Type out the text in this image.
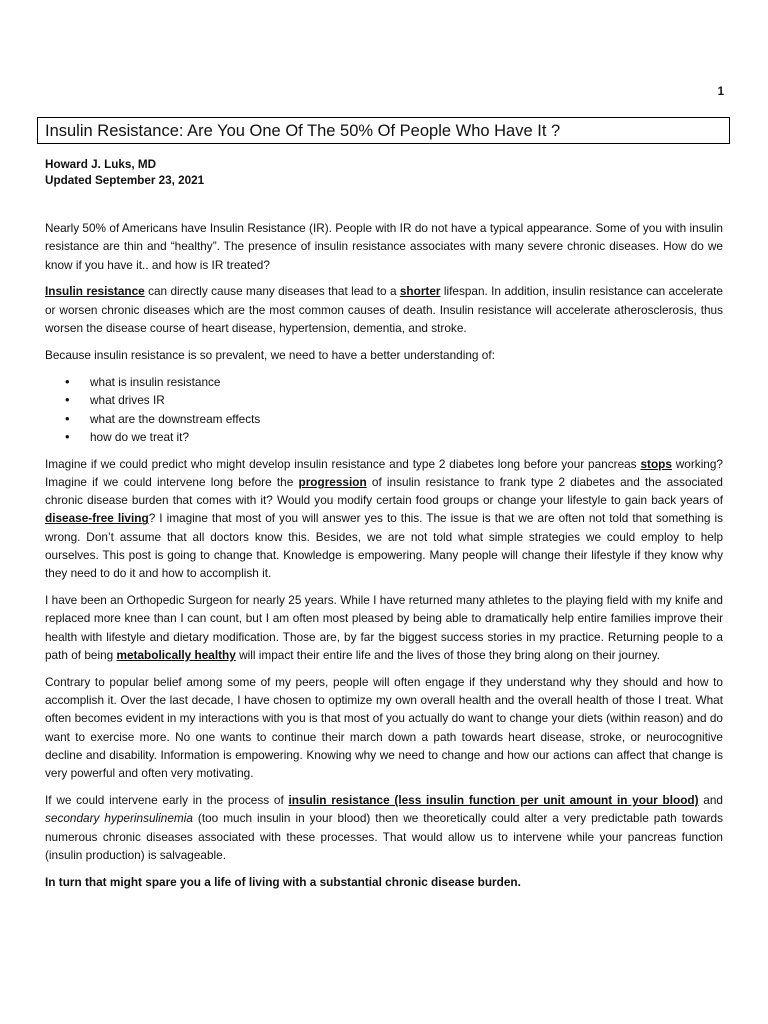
1
Insulin Resistance: Are You One Of The 50% Of People Who Have It ?
Howard J. Luks, MD
Updated September 23, 2021

Nearly 50% of Americans have Insulin Resistance (IR). People with IR do not have a typical appearance. Some of you with insulin resistance are thin and “healthy”. The presence of insulin resistance associates with many severe chronic diseases. How do we know if you have it.. and how is IR treated?

Insulin resistance can directly cause many diseases that lead to a shorter lifespan. In addition, insulin resistance can accelerate or worsen chronic diseases which are the most common causes of death. Insulin resistance will accelerate atherosclerosis, thus worsen the disease course of heart disease, hypertension, dementia, and stroke.

Because insulin resistance is so prevalent, we need to have a better understanding of:

• what is insulin resistance
• what drives IR
• what are the downstream effects
• how do we treat it?

Imagine if we could predict who might develop insulin resistance and type 2 diabetes long before your pancreas stops working? Imagine if we could intervene long before the progression of insulin resistance to frank type 2 diabetes and the associated chronic disease burden that comes with it? Would you modify certain food groups or change your lifestyle to gain back years of disease-free living? I imagine that most of you will answer yes to this. The issue is that we are often not told that something is wrong. Don’t assume that all doctors know this. Besides, we are not told what simple strategies we could employ to help ourselves. This post is going to change that. Knowledge is empowering. Many people will change their lifestyle if they know why they need to do it and how to accomplish it.

I have been an Orthopedic Surgeon for nearly 25 years. While I have returned many athletes to the playing field with my knife and replaced more knee than I can count, but I am often most pleased by being able to dramatically help entire families improve their health with lifestyle and dietary modification. Those are, by far the biggest success stories in my practice. Returning people to a path of being metabolically healthy will impact their entire life and the lives of those they bring along on their journey.

Contrary to popular belief among some of my peers, people will often engage if they understand why they should and how to accomplish it. Over the last decade, I have chosen to optimize my own overall health and the overall health of those I treat. What often becomes evident in my interactions with you is that most of you actually do want to change your diets (within reason) and do want to exercise more. No one wants to continue their march down a path towards heart disease, stroke, or neurocognitive decline and disability. Information is empowering. Knowing why we need to change and how our actions can affect that change is very powerful and often very motivating.

If we could intervene early in the process of insulin resistance (less insulin function per unit amount in your blood) and secondary hyperinsulinemia (too much insulin in your blood) then we theoretically could alter a very predictable path towards numerous chronic diseases associated with these processes. That would allow us to intervene while your pancreas function (insulin production) is salvageable.

In turn that might spare you a life of living with a substantial chronic disease burden.
